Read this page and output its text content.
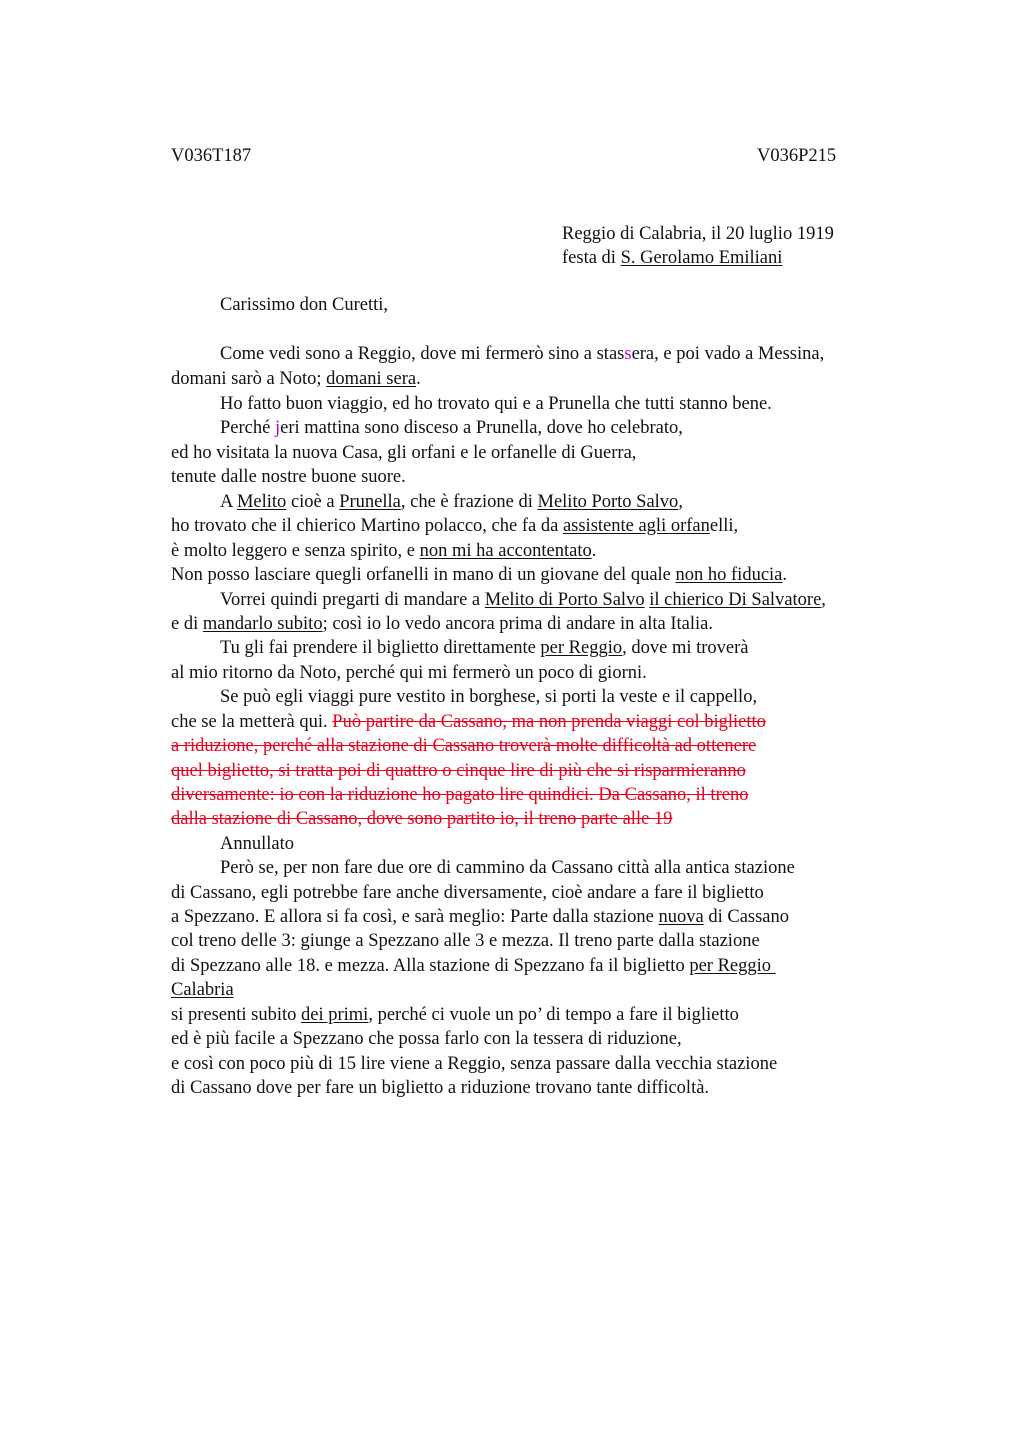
V036T187	V036P215
Reggio di Calabria, il 20 luglio 1919
festa di S. Gerolamo Emiliani
Carissimo don Curetti,
Come vedi sono a Reggio, dove mi fermerò sino a stassera, e poi vado a Messina,
domani sarò a Noto; domani sera.
Ho fatto buon viaggio, ed ho trovato qui e a Prunella che tutti stanno bene.
Perché jeri mattina sono disceso a Prunella, dove ho celebrato,
ed ho visitata la nuova Casa, gli orfani e le orfanelle di Guerra,
tenute dalle nostre buone suore.
A Melito cioè a Prunella, che è frazione di Melito Porto Salvo,
ho trovato che il chierico Martino polacco, che fa da assistente agli orfanelli,
è molto leggero e senza spirito, e non mi ha accontentato.
Non posso lasciare quegli orfanelli in mano di un giovane del quale non ho fiducia.
Vorrei quindi pregarti di mandare a Melito di Porto Salvo il chierico Di Salvatore,
e di mandarlo subito; così io lo vedo ancora prima di andare in alta Italia.
Tu gli fai prendere il biglietto direttamente per Reggio, dove mi troverà
al mio ritorno da Noto, perché qui mi fermerò un poco di giorni.
Se può egli viaggi pure vestito in borghese, si porti la veste e il cappello,
che se la metterà qui. Può partire da Cassano, ma non prenda viaggi col biglietto
a riduzione, perché alla stazione di Cassano troverà molte difficoltà ad ottenere
quel biglietto, si tratta poi di quattro o cinque lire di più che si risparmieranno
diversamente: io con la riduzione ho pagato lire quindici. Da Cassano, il treno
dalla stazione di Cassano, dove sono partito io, il treno parte alle 19
Annullato
Però se, per non fare due ore di cammino da Cassano città alla antica stazione
di Cassano, egli potrebbe fare anche diversamente, cioè andare a fare il biglietto
a Spezzano. E allora si fa così, e sarà meglio: Parte dalla stazione nuova di Cassano
col treno delle 3: giunge a Spezzano alle 3 e mezza. Il treno parte dalla stazione
di Spezzano alle 18. e mezza. Alla stazione di Spezzano fa il biglietto per Reggio
Calabria
si presenti subito dei primi, perché ci vuole un po’ di tempo a fare il biglietto
ed è più facile a Spezzano che possa farlo con la tessera di riduzione,
e così con poco più di 15 lire viene a Reggio, senza passare dalla vecchia stazione
di Cassano dove per fare un biglietto a riduzione trovano tante difficoltà.
